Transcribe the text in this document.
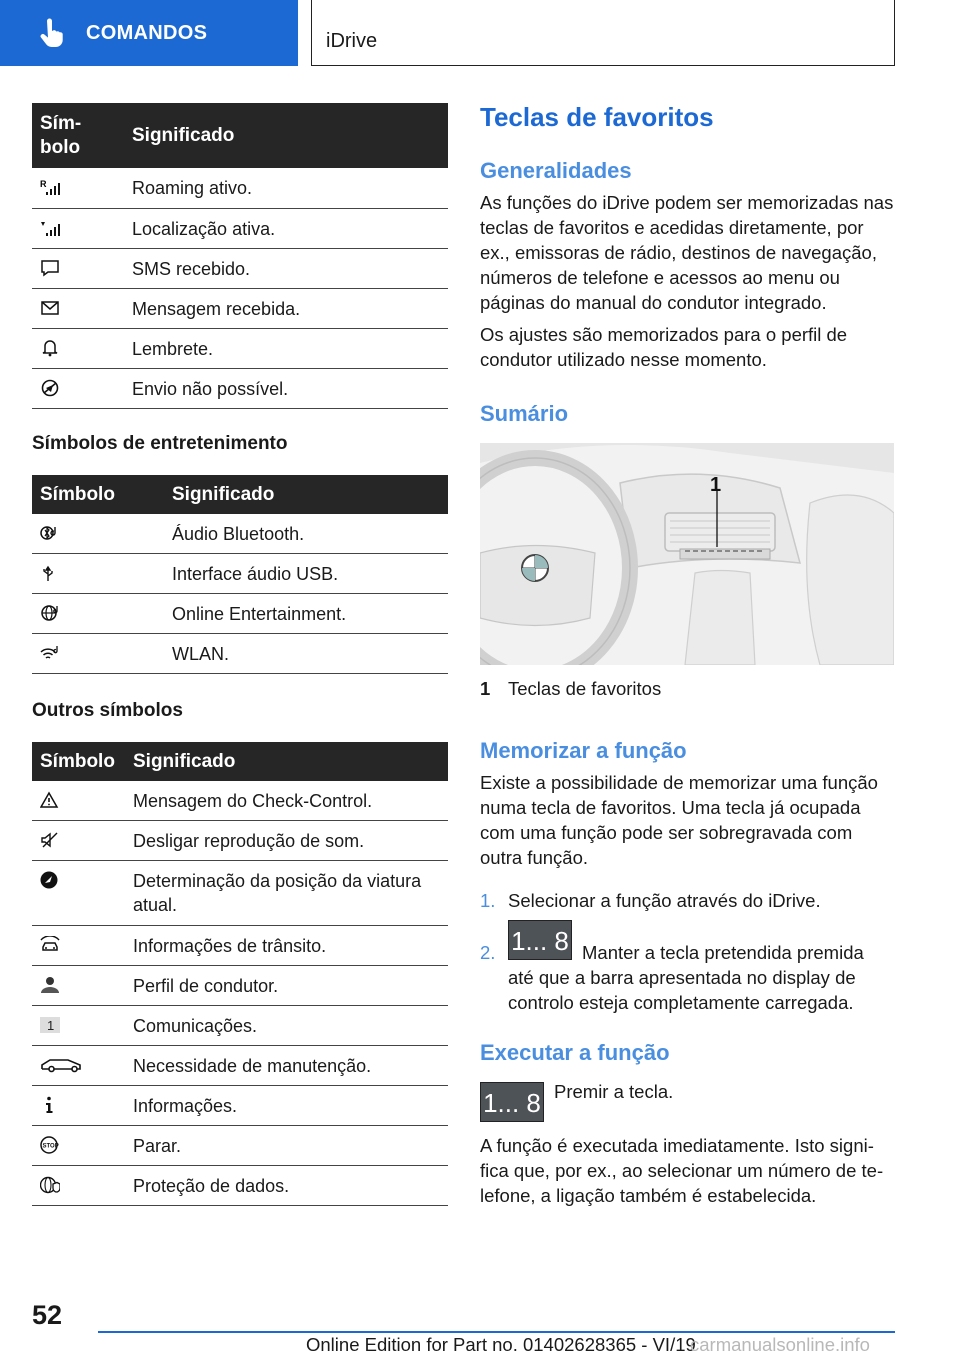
COMANDOS	iDrive
Sím-
bolo	Significado

R	Roaming ativo.

	Localização ativa.

	SMS recebido.

	Mensagem recebida.

	Lembrete.

	Envio não possível.
Símbolos de entretenimento
Símbolo	Significado

	Áudio Bluetooth.

	Interface áudio USB.

	Online Entertainment.

	WLAN.
Outros símbolos
Símbolo	Significado

	Mensagem do Check-Control.

	Desligar reprodução de som.

	Determinação da posição da viatura atual.

	Informações de trânsito.

	Perfil de condutor.

1	Comunicações.

	Necessidade de manutenção.

	Informações.

STOP	Parar.

	Proteção de dados.
Teclas de favoritos
Generalidades
As funções do iDrive podem ser memorizadas nas teclas de favoritos e acedidas diretamente, por ex., emissoras de rádio, destinos de navegação, números de telefone e acessos ao menu ou páginas do manual do condutor integrado.
Os ajustes são memorizados para o perfil de condutor utilizado nesse momento.
Sumário
1
1 Teclas de favoritos
Memorizar a função
Existe a possibilidade de memorizar uma função numa tecla de favoritos. Uma tecla já ocupada com uma função pode ser sobregravada com outra função.
1. Selecionar a função através do iDrive.
2. 1... 8 Manter a tecla pretendida premida até que a barra apresentada no display de controlo esteja completamente carregada.
Executar a função
1... 8 Premir a tecla.
A função é executada imediatamente. Isto significa que, por ex., ao selecionar um número de telefone, a ligação também é estabelecida.
52
Online Edition for Part no. 01402628365 - VI/19
carmanualsonline.info
